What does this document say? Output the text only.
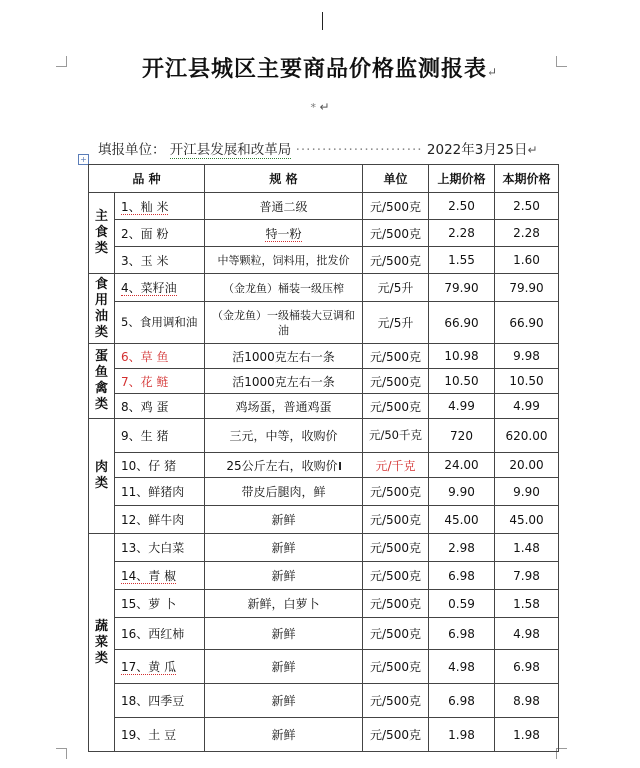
开江县城区主要商品价格监测报表↵
* ↵
填报单位： 开江县发展和改革局 ························ 2022年3月25日↵
+
品 种		规 格	单位	上期价格	本期价格
主食类	1、籼 米	普通二级	元/500克	2.50	2.50
	2、面 粉	特一粉	元/500克	2.28	2.28
	3、玉 米	中等颗粒，饲料用，批发价	元/500克	1.55	1.60
食用油类	4、菜籽油	（金龙鱼）桶装一级压榨	元/5升	79.90	79.90
	5、食用调和油	（金龙鱼）一级桶装大豆调和油	元/5升	66.90	66.90
蛋鱼禽类	6、草 鱼	活1000克左右一条	元/500克	10.98	9.98
	7、花 鲢	活1000克左右一条	元/500克	10.50	10.50
	8、鸡 蛋	鸡场蛋，普通鸡蛋	元/500克	4.99	4.99
肉类	9、生 猪	三元，中等，收购价	元/50千克	720	620.00
	10、仔 猪	25公斤左右，收购价	元/千克	24.00	20.00
	11、鲜猪肉	带皮后腿肉，鲜	元/500克	9.90	9.90
	12、鲜牛肉	新鲜	元/500克	45.00	45.00
蔬菜类	13、大白菜	新鲜	元/500克	2.98	1.48
	14、青 椒	新鲜	元/500克	6.98	7.98
	15、萝 卜	新鲜，白萝卜	元/500克	0.59	1.58
	16、西红柿	新鲜	元/500克	6.98	4.98
	17、黄 瓜	新鲜	元/500克	4.98	6.98
	18、四季豆	新鲜	元/500克	6.98	8.98
	19、土 豆	新鲜	元/500克	1.98	1.98
